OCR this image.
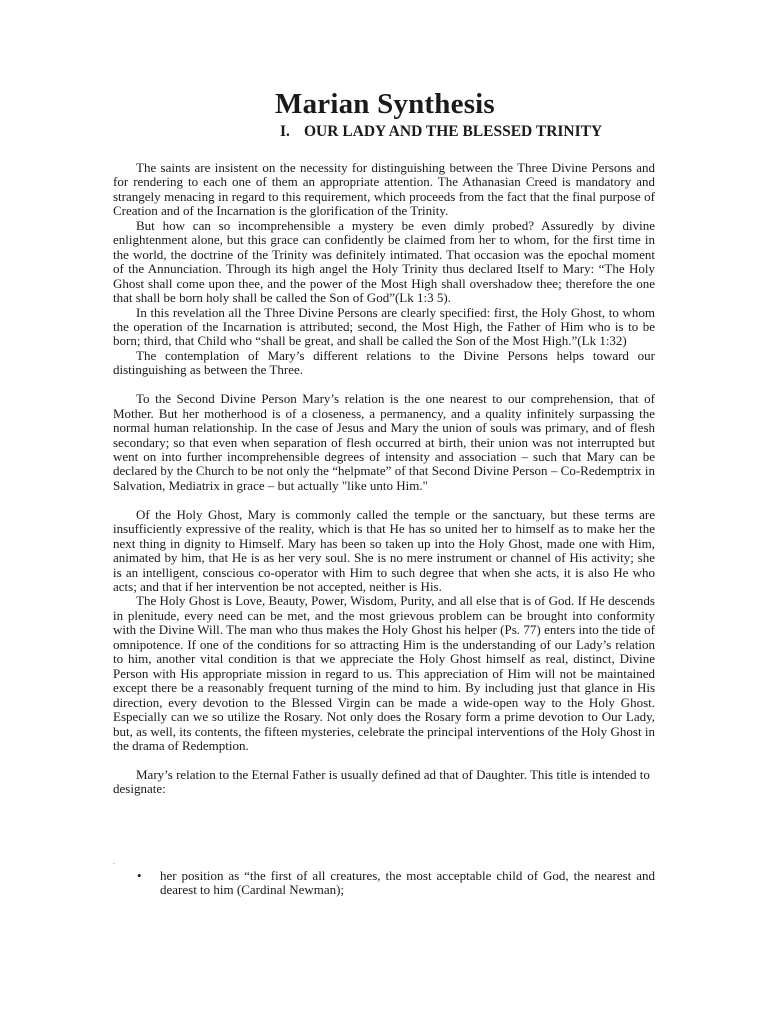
Marian Synthesis
I. OUR LADY AND THE BLESSED TRINITY

The saints are insistent on the necessity for distinguishing between the Three Divine Persons and for rendering to each one of them an appropriate attention. The Athanasian Creed is mandatory and strangely menacing in regard to this requirement, which proceeds from the fact that the final purpose of Creation and of the Incarnation is the glorification of the Trinity.

But how can so incomprehensible a mystery be even dimly probed? Assuredly by divine enlightenment alone, but this grace can confidently be claimed from her to whom, for the first time in the world, the doctrine of the Trinity was definitely intimated. That occasion was the epochal moment of the Annunciation. Through its high angel the Holy Trinity thus declared Itself to Mary: “The Holy Ghost shall come upon thee, and the power of the Most High shall overshadow thee; therefore the one that shall be born holy shall be called the Son of God”(Lk 1:3 5).

In this revelation all the Three Divine Persons are clearly specified: first, the Holy Ghost, to whom the operation of the Incarnation is attributed; second, the Most High, the Father of Him who is to be born; third, that Child who “shall be great, and shall be called the Son of the Most High.”(Lk 1:32)

The contemplation of Mary’s different relations to the Divine Persons helps toward our distinguishing as between the Three.

To the Second Divine Person Mary’s relation is the one nearest to our comprehension, that of Mother. But her motherhood is of a closeness, a permanency, and a quality infinitely surpassing the normal human relationship. In the case of Jesus and Mary the union of souls was primary, and of flesh secondary; so that even when separation of flesh occurred at birth, their union was not interrupted but went on into further incomprehensible degrees of intensity and association – such that Mary can be declared by the Church to be not only the “helpmate” of that Second Divine Person – Co-Redemptrix in Salvation, Mediatrix in grace – but actually "like unto Him."

Of the Holy Ghost, Mary is commonly called the temple or the sanctuary, but these terms are insufficiently expressive of the reality, which is that He has so united her to himself as to make her the next thing in dignity to Himself. Mary has been so taken up into the Holy Ghost, made one with Him, animated by him, that He is as her very soul. She is no mere instrument or channel of His activity; she is an intelligent, conscious co-operator with Him to such degree that when she acts, it is also He who acts; and that if her intervention be not accepted, neither is His.

The Holy Ghost is Love, Beauty, Power, Wisdom, Purity, and all else that is of God. If He descends in plenitude, every need can be met, and the most grievous problem can be brought into conformity with the Divine Will. The man who thus makes the Holy Ghost his helper (Ps. 77) enters into the tide of omnipotence. If one of the conditions for so attracting Him is the understanding of our Lady’s relation to him, another vital condition is that we appreciate the Holy Ghost himself as real, distinct, Divine Person with His appropriate mission in regard to us. This appreciation of Him will not be maintained except there be a reasonably frequent turning of the mind to him. By including just that glance in His direction, every devotion to the Blessed Virgin can be made a wide-open way to the Holy Ghost. Especially can we so utilize the Rosary. Not only does the Rosary form a prime devotion to Our Lady, but, as well, its contents, the fifteen mysteries, celebrate the principal interventions of the Holy Ghost in the drama of Redemption.

Mary’s relation to the Eternal Father is usually defined ad that of Daughter. This title is intended to

designate:

.
• her position as “the first of all creatures, the most acceptable child of God, the nearest and dearest to him (Cardinal Newman);
